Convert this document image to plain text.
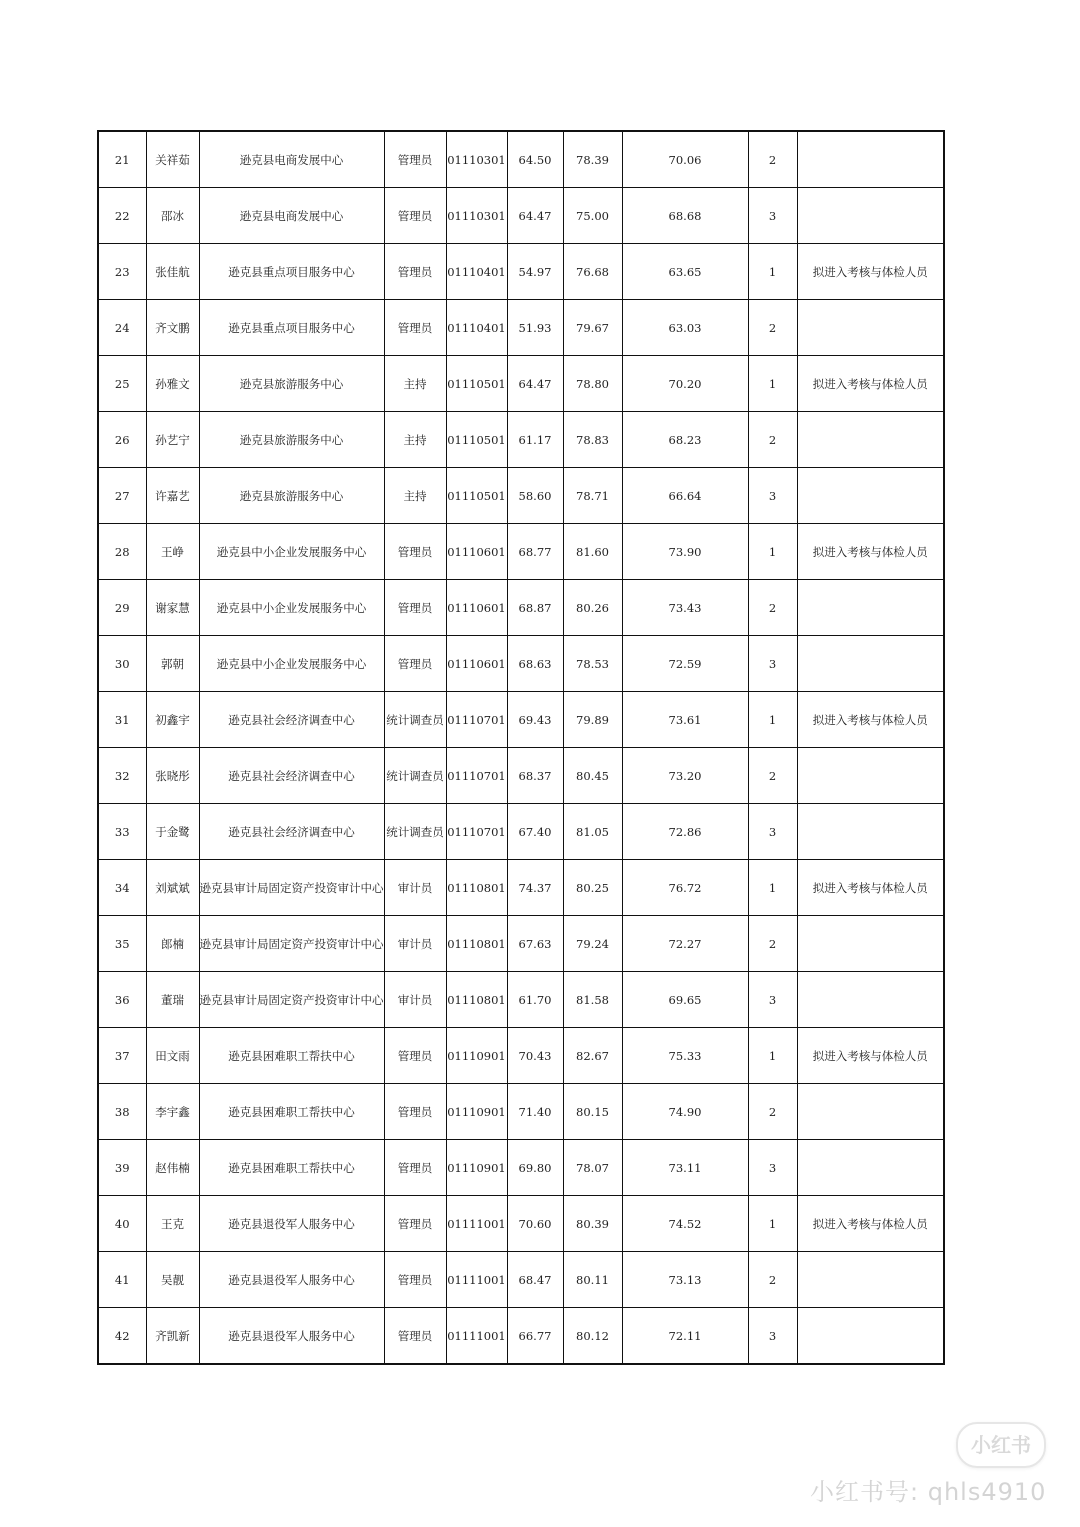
21	关祥茹	逊克县电商发展中心	管理员	01110301	64.50	78.39	70.06	2	
22	邵冰	逊克县电商发展中心	管理员	01110301	64.47	75.00	68.68	3	
23	张佳航	逊克县重点项目服务中心	管理员	01110401	54.97	76.68	63.65	1	拟进入考核与体检人员
24	齐文鹏	逊克县重点项目服务中心	管理员	01110401	51.93	79.67	63.03	2	
25	孙雅文	逊克县旅游服务中心	主持	01110501	64.47	78.80	70.20	1	拟进入考核与体检人员
26	孙艺宁	逊克县旅游服务中心	主持	01110501	61.17	78.83	68.23	2	
27	许嘉艺	逊克县旅游服务中心	主持	01110501	58.60	78.71	66.64	3	
28	王峥	逊克县中小企业发展服务中心	管理员	01110601	68.77	81.60	73.90	1	拟进入考核与体检人员
29	谢家慧	逊克县中小企业发展服务中心	管理员	01110601	68.87	80.26	73.43	2	
30	郭朝	逊克县中小企业发展服务中心	管理员	01110601	68.63	78.53	72.59	3	
31	初鑫宇	逊克县社会经济调查中心	统计调查员	01110701	69.43	79.89	73.61	1	拟进入考核与体检人员
32	张晓彤	逊克县社会经济调查中心	统计调查员	01110701	68.37	80.45	73.20	2	
33	于金鹭	逊克县社会经济调查中心	统计调查员	01110701	67.40	81.05	72.86	3	
34	刘斌斌	逊克县审计局固定资产投资审计中心	审计员	01110801	74.37	80.25	76.72	1	拟进入考核与体检人员
35	郎楠	逊克县审计局固定资产投资审计中心	审计员	01110801	67.63	79.24	72.27	2	
36	董瑞	逊克县审计局固定资产投资审计中心	审计员	01110801	61.70	81.58	69.65	3	
37	田文雨	逊克县困难职工帮扶中心	管理员	01110901	70.43	82.67	75.33	1	拟进入考核与体检人员
38	李宇鑫	逊克县困难职工帮扶中心	管理员	01110901	71.40	80.15	74.90	2	
39	赵伟楠	逊克县困难职工帮扶中心	管理员	01110901	69.80	78.07	73.11	3	
40	王克	逊克县退役军人服务中心	管理员	01111001	70.60	80.39	74.52	1	拟进入考核与体检人员
41	吴靓	逊克县退役军人服务中心	管理员	01111001	68.47	80.11	73.13	2	
42	齐凯新	逊克县退役军人服务中心	管理员	01111001	66.77	80.12	72.11	3	
小红书
小红书号: qhls4910
